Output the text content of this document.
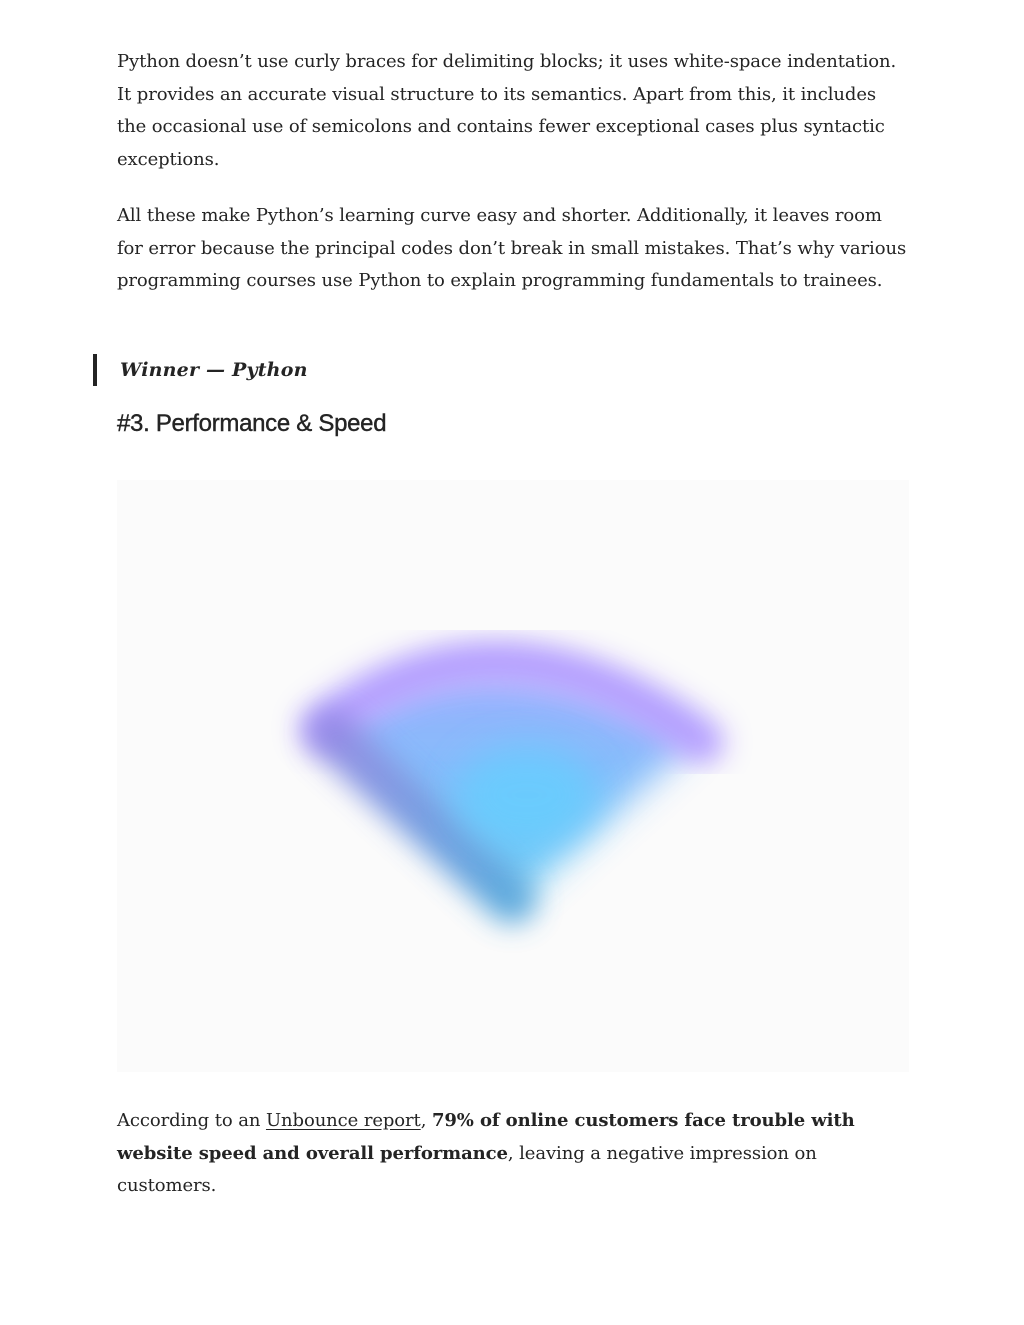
Python doesn’t use curly braces for delimiting blocks; it uses white-space indentation. It provides an accurate visual structure to its semantics. Apart from this, it includes the occasional use of semicolons and contains fewer exceptional cases plus syntactic exceptions.

All these make Python’s learning curve easy and shorter. Additionally, it leaves room for error because the principal codes don’t break in small mistakes. That’s why various programming courses use Python to explain programming fundamentals to trainees.

Winner — Python
#3. Performance & Speed

According to an Unbounce report, 79% of online customers face trouble with website speed and overall performance, leaving a negative impression on customers.
